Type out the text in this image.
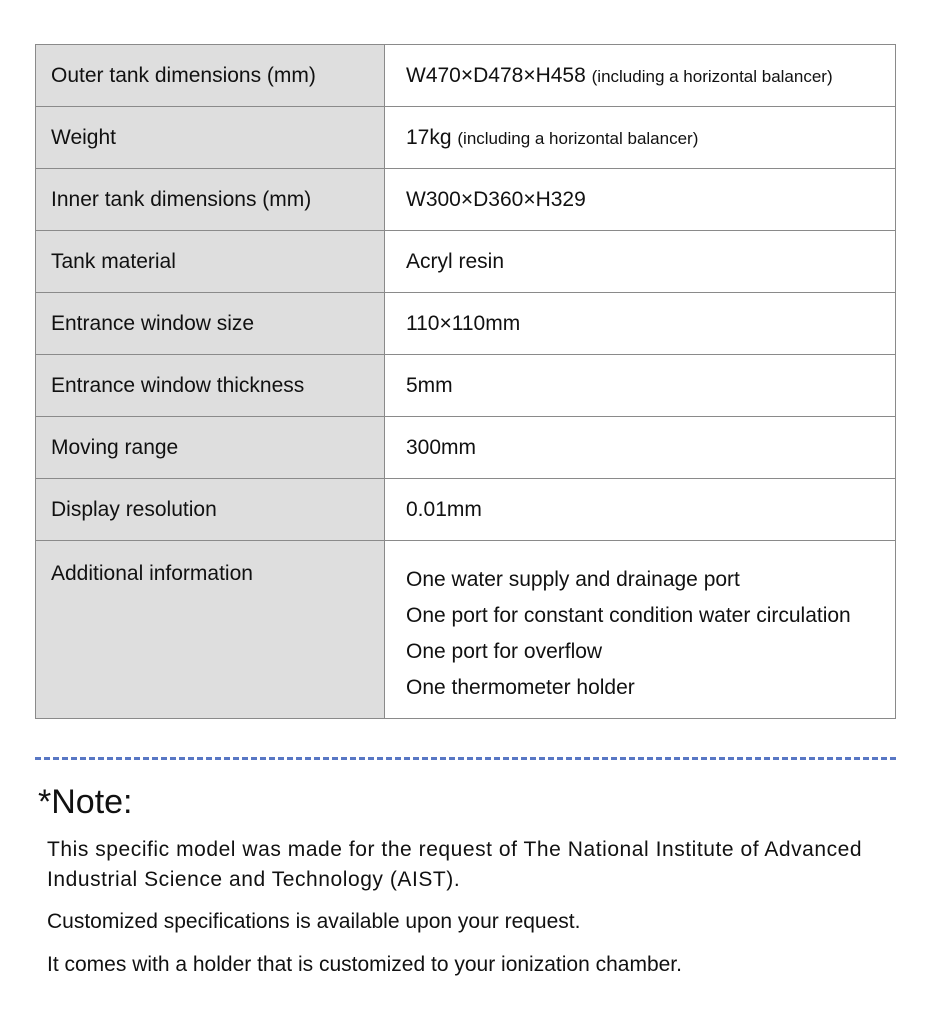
Outer tank dimensions (mm)	W470×D478×H458 (including a horizontal balancer)
Weight	17kg (including a horizontal balancer)
Inner tank dimensions (mm)	W300×D360×H329
Tank material	Acryl resin
Entrance window size	110×110mm
Entrance window thickness	5mm
Moving range	300mm
Display resolution	0.01mm
Additional information	One water supply and drainage port
One port for constant condition water circulation
One port for overflow
One thermometer holder
*Note:

This specific model was made for the request of The National Institute of Advanced Industrial Science and Technology (AIST).

Customized specifications is available upon your request.

It comes with a holder that is customized to your ionization chamber.
